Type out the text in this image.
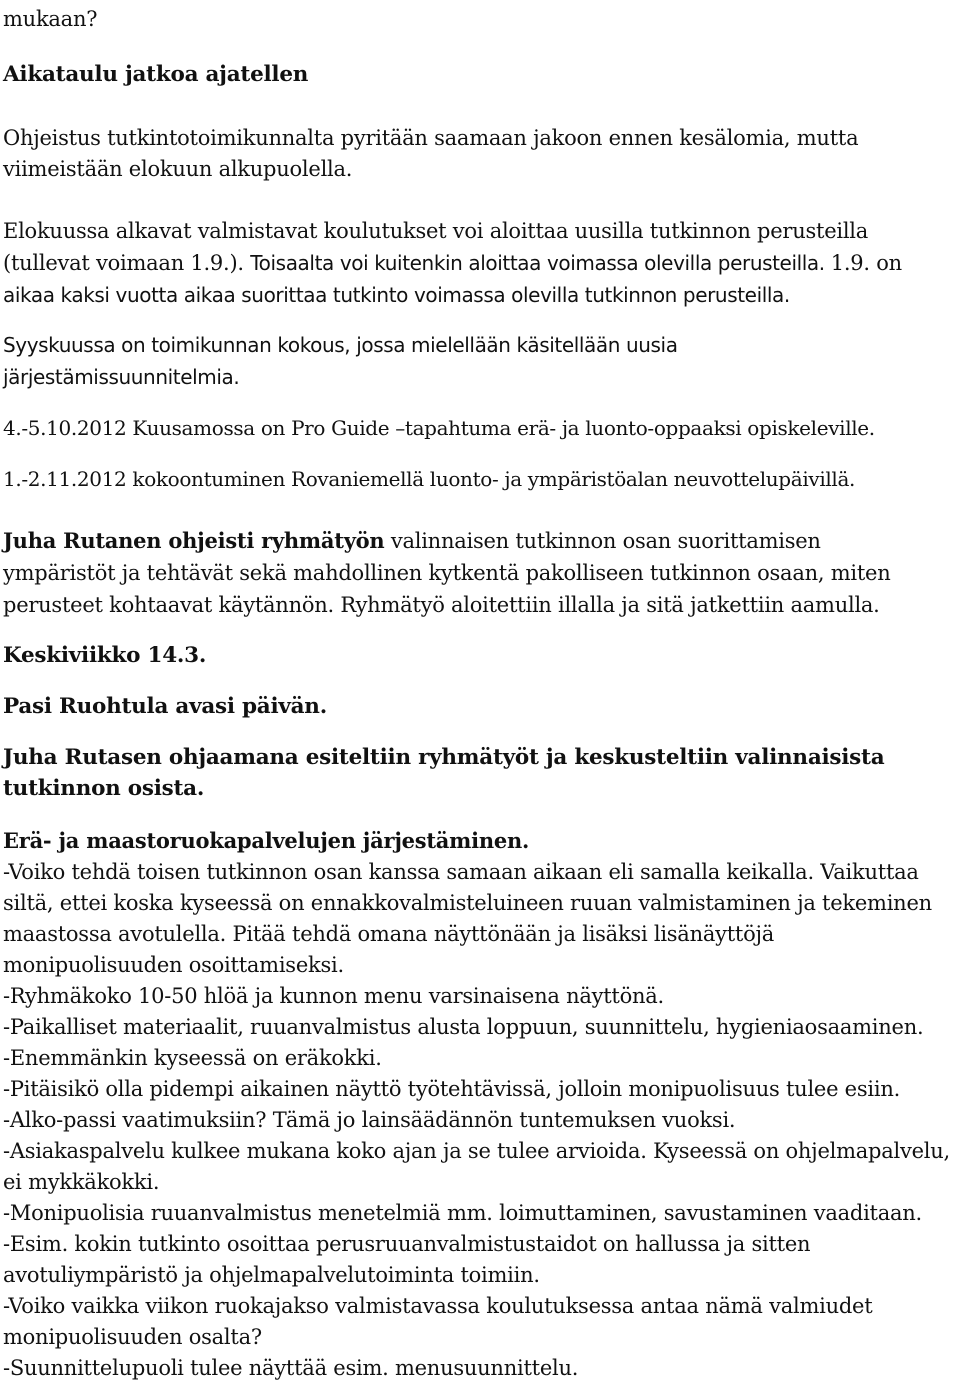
mukaan?
Aikataulu jatkoa ajatellen
Ohjeistus tutkintotoimikunnalta pyritään saamaan jakoon ennen kesälomia, mutta
viimeistään elokuun alkupuolella.
Elokuussa alkavat valmistavat koulutukset voi aloittaa uusilla tutkinnon perusteilla
(tullevat voimaan 1.9.). Toisaalta voi kuitenkin aloittaa voimassa olevilla perusteilla. 1.9. on
aikaa kaksi vuotta aikaa suorittaa tutkinto voimassa olevilla tutkinnon perusteilla.
Syyskuussa on toimikunnan kokous, jossa mielellään käsitellään uusia
järjestämissuunnitelmia.
4.-5.10.2012 Kuusamossa on Pro Guide –tapahtuma erä- ja luonto-oppaaksi opiskeleville.
1.-2.11.2012 kokoontuminen Rovaniemellä luonto- ja ympäristöalan neuvottelupäivillä.
Juha Rutanen ohjeisti ryhmätyön valinnaisen tutkinnon osan suorittamisen
ympäristöt ja tehtävät sekä mahdollinen kytkentä pakolliseen tutkinnon osaan, miten
perusteet kohtaavat käytännön. Ryhmätyö aloitettiin illalla ja sitä jatkettiin aamulla.
Keskiviikko 14.3.
Pasi Ruohtula avasi päivän.
Juha Rutasen ohjaamana esiteltiin ryhmätyöt ja keskusteltiin valinnaisista
tutkinnon osista.
Erä- ja maastoruokapalvelujen järjestäminen.
-Voiko tehdä toisen tutkinnon osan kanssa samaan aikaan eli samalla keikalla. Vaikuttaa
siltä, ettei koska kyseessä on ennakkovalmisteluineen ruuan valmistaminen ja tekeminen
maastossa avotulella. Pitää tehdä omana näyttönään ja lisäksi lisänäyttöjä
monipuolisuuden osoittamiseksi.
-Ryhmäkoko 10-50 hlöä ja kunnon menu varsinaisena näyttönä.
-Paikalliset materiaalit, ruuanvalmistus alusta loppuun, suunnittelu, hygieniaosaaminen.
-Enemmänkin kyseessä on eräkokki.
-Pitäisikö olla pidempi aikainen näyttö työtehtävissä, jolloin monipuolisuus tulee esiin.
-Alko-passi vaatimuksiin? Tämä jo lainsäädännön tuntemuksen vuoksi.
-Asiakaspalvelu kulkee mukana koko ajan ja se tulee arvioida. Kyseessä on ohjelmapalvelu,
ei mykkäkokki.
-Monipuolisia ruuanvalmistus menetelmiä mm. loimuttaminen, savustaminen vaaditaan.
-Esim. kokin tutkinto osoittaa perusruuanvalmistustaidot on hallussa ja sitten
avotuliympäristö ja ohjelmapalvelutoiminta toimiin.
-Voiko vaikka viikon ruokajakso valmistavassa koulutuksessa antaa nämä valmiudet
monipuolisuuden osalta?
-Suunnittelupuoli tulee näyttää esim. menusuunnittelu.
